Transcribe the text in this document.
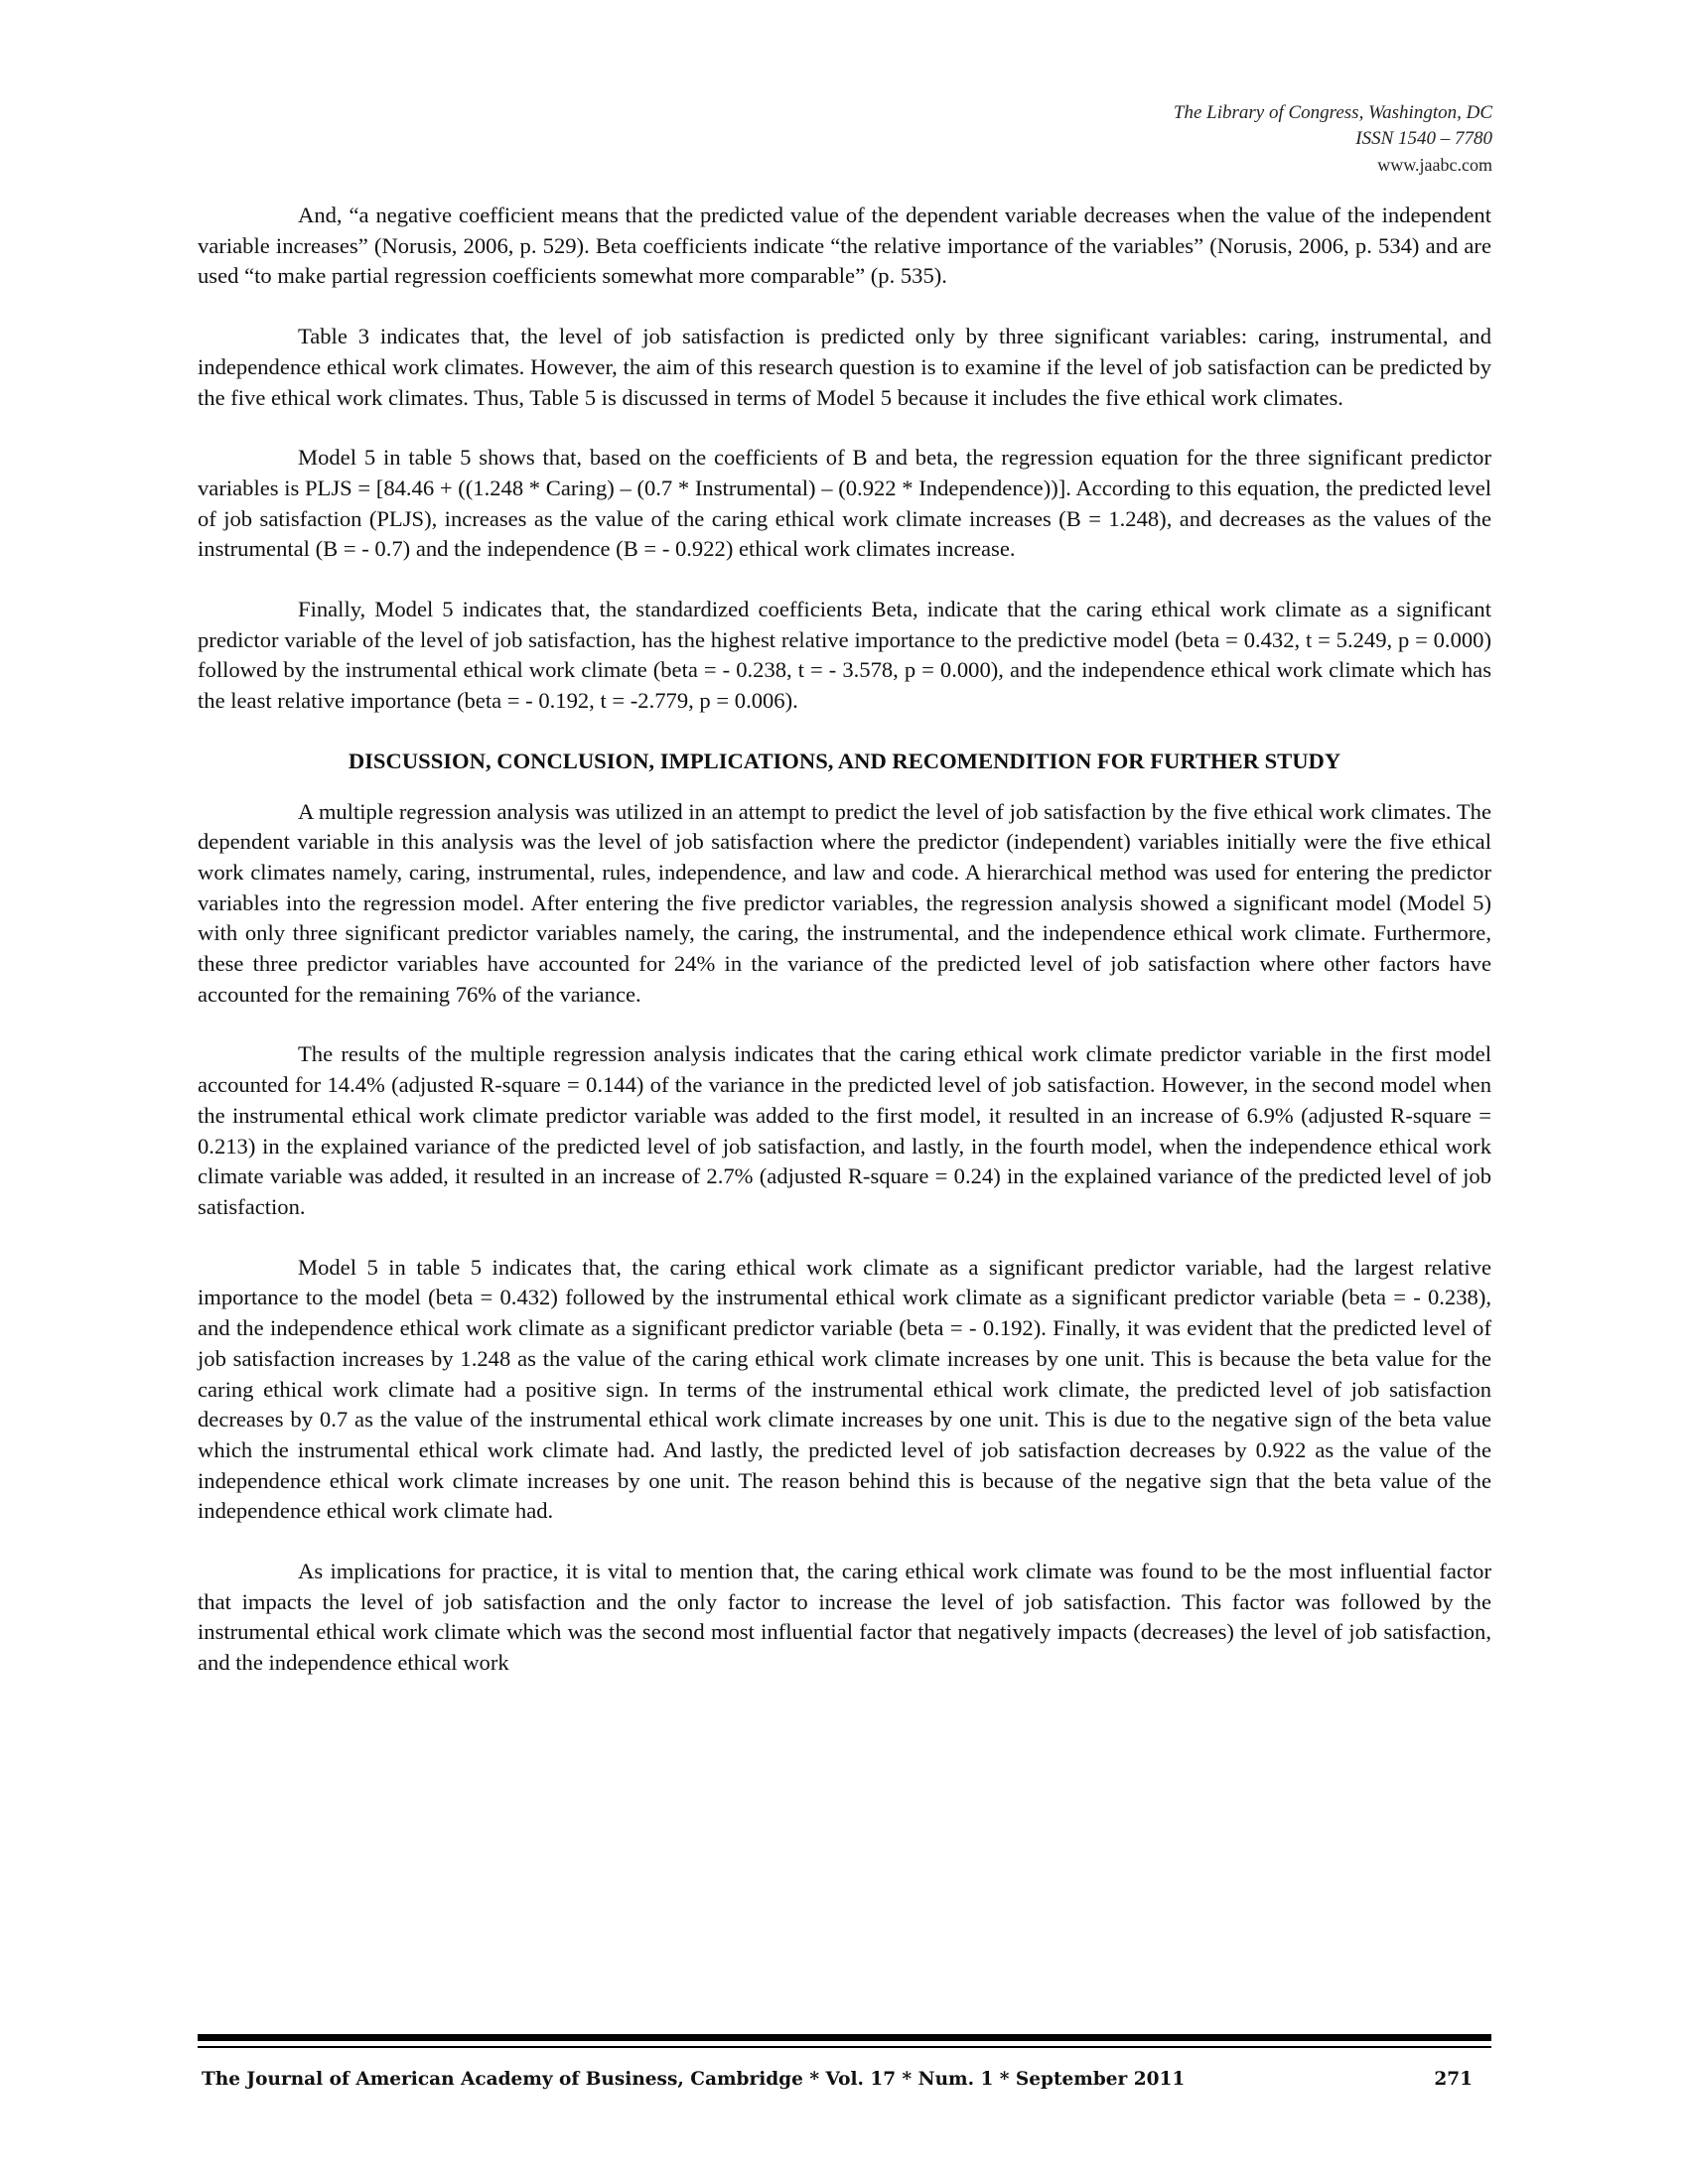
The Library of Congress, Washington, DC
ISSN 1540 – 7780
www.jaabc.com

And, “a negative coefficient means that the predicted value of the dependent variable decreases when the value of the independent variable increases” (Norusis, 2006, p. 529). Beta coefficients indicate “the relative importance of the variables” (Norusis, 2006, p. 534) and are used “to make partial regression coefficients somewhat more comparable” (p. 535).

Table 3 indicates that, the level of job satisfaction is predicted only by three significant variables: caring, instrumental, and independence ethical work climates. However, the aim of this research question is to examine if the level of job satisfaction can be predicted by the five ethical work climates. Thus, Table 5 is discussed in terms of Model 5 because it includes the five ethical work climates.

Model 5 in table 5 shows that, based on the coefficients of B and beta, the regression equation for the three significant predictor variables is PLJS = [84.46 + ((1.248 * Caring) – (0.7 * Instrumental) – (0.922 * Independence))]. According to this equation, the predicted level of job satisfaction (PLJS), increases as the value of the caring ethical work climate increases (B = 1.248), and decreases as the values of the instrumental (B = - 0.7) and the independence (B = - 0.922) ethical work climates increase.

Finally, Model 5 indicates that, the standardized coefficients Beta, indicate that the caring ethical work climate as a significant predictor variable of the level of job satisfaction, has the highest relative importance to the predictive model (beta = 0.432, t = 5.249, p = 0.000) followed by the instrumental ethical work climate (beta = - 0.238, t = - 3.578, p = 0.000), and the independence ethical work climate which has the least relative importance (beta = - 0.192, t = -2.779, p = 0.006).

DISCUSSION, CONCLUSION, IMPLICATIONS, AND RECOMENDITION FOR FURTHER STUDY

A multiple regression analysis was utilized in an attempt to predict the level of job satisfaction by the five ethical work climates. The dependent variable in this analysis was the level of job satisfaction where the predictor (independent) variables initially were the five ethical work climates namely, caring, instrumental, rules, independence, and law and code. A hierarchical method was used for entering the predictor variables into the regression model. After entering the five predictor variables, the regression analysis showed a significant model (Model 5) with only three significant predictor variables namely, the caring, the instrumental, and the independence ethical work climate. Furthermore, these three predictor variables have accounted for 24% in the variance of the predicted level of job satisfaction where other factors have accounted for the remaining 76% of the variance.

The results of the multiple regression analysis indicates that the caring ethical work climate predictor variable in the first model accounted for 14.4% (adjusted R-square = 0.144) of the variance in the predicted level of job satisfaction. However, in the second model when the instrumental ethical work climate predictor variable was added to the first model, it resulted in an increase of 6.9% (adjusted R-square = 0.213) in the explained variance of the predicted level of job satisfaction, and lastly, in the fourth model, when the independence ethical work climate variable was added, it resulted in an increase of 2.7% (adjusted R-square = 0.24) in the explained variance of the predicted level of job satisfaction.

Model 5 in table 5 indicates that, the caring ethical work climate as a significant predictor variable, had the largest relative importance to the model (beta = 0.432) followed by the instrumental ethical work climate as a significant predictor variable (beta = - 0.238), and the independence ethical work climate as a significant predictor variable (beta = - 0.192). Finally, it was evident that the predicted level of job satisfaction increases by 1.248 as the value of the caring ethical work climate increases by one unit. This is because the beta value for the caring ethical work climate had a positive sign. In terms of the instrumental ethical work climate, the predicted level of job satisfaction decreases by 0.7 as the value of the instrumental ethical work climate increases by one unit. This is due to the negative sign of the beta value which the instrumental ethical work climate had. And lastly, the predicted level of job satisfaction decreases by 0.922 as the value of the independence ethical work climate increases by one unit. The reason behind this is because of the negative sign that the beta value of the independence ethical work climate had.

As implications for practice, it is vital to mention that, the caring ethical work climate was found to be the most influential factor that impacts the level of job satisfaction and the only factor to increase the level of job satisfaction. This factor was followed by the instrumental ethical work climate which was the second most influential factor that negatively impacts (decreases) the level of job satisfaction, and the independence ethical work

The Journal of American Academy of Business, Cambridge * Vol. 17 * Num. 1 * September 2011	271
